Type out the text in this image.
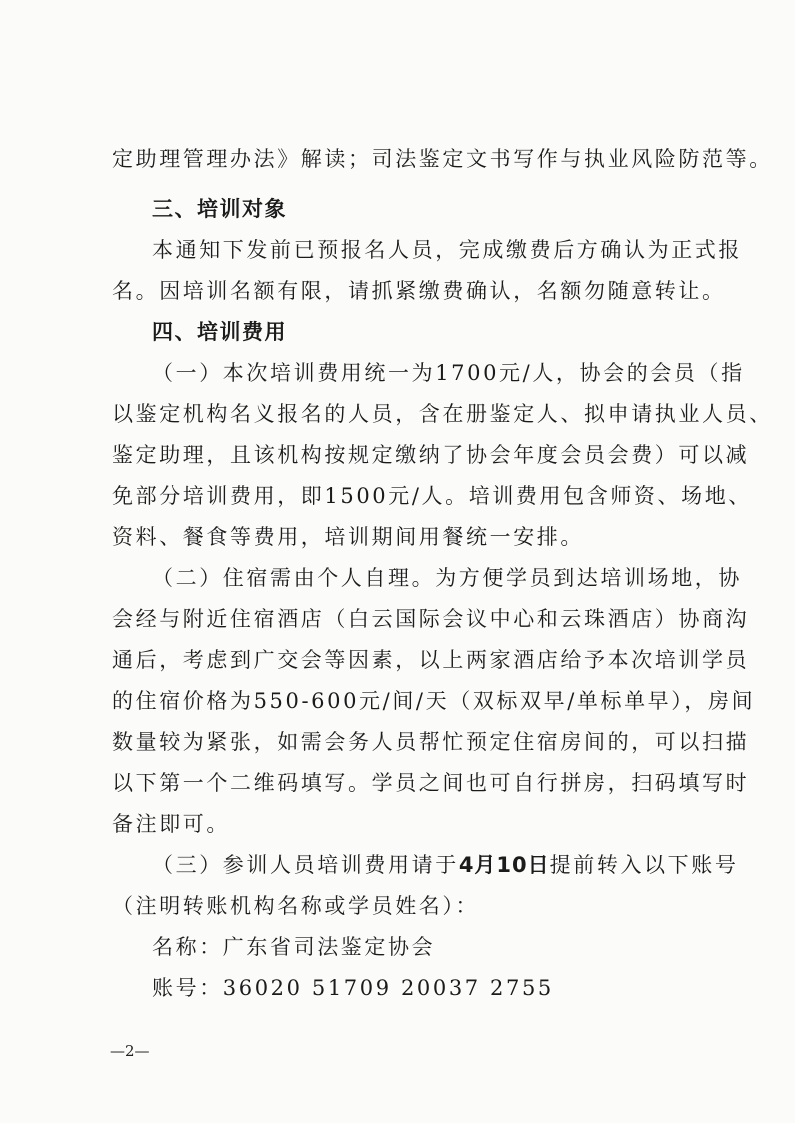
定助理管理办法》解读；司法鉴定文书写作与执业风险防范等。
三、培训对象
本通知下发前已预报名人员，完成缴费后方确认为正式报
名。因培训名额有限，请抓紧缴费确认，名额勿随意转让。
四、培训费用
（一）本次培训费用统一为1700元/人，协会的会员（指
以鉴定机构名义报名的人员，含在册鉴定人、拟申请执业人员、
鉴定助理，且该机构按规定缴纳了协会年度会员会费）可以减
免部分培训费用，即1500元/人。培训费用包含师资、场地、
资料、餐食等费用，培训期间用餐统一安排。
（二）住宿需由个人自理。为方便学员到达培训场地，协
会经与附近住宿酒店（白云国际会议中心和云珠酒店）协商沟
通后，考虑到广交会等因素，以上两家酒店给予本次培训学员
的住宿价格为550-600元/间/天（双标双早/单标单早），房间
数量较为紧张，如需会务人员帮忙预定住宿房间的，可以扫描
以下第一个二维码填写。学员之间也可自行拼房，扫码填写时
备注即可。
（三）参训人员培训费用请于4月10日提前转入以下账号
（注明转账机构名称或学员姓名）：
名称：广东省司法鉴定协会
账号：36020 51709 20037 2755
—2—
